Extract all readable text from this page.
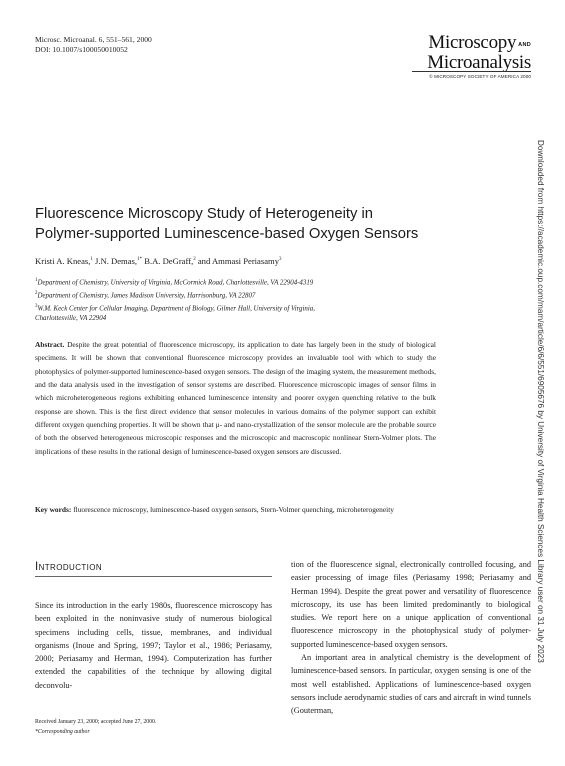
Microsc. Microanal. 6, 551–561, 2000
DOI: 10.1007/s100050010052	Microscopy AND
Microanalysis
© MICROSCOPY SOCIETY OF AMERICA 2000
Downloaded from https://academic.oup.com/mam/article/6/6/551/6905676 by University of Virginia Health Sciences Library user on 31 July 2023
Fluorescence Microscopy Study of Heterogeneity in
Polymer-supported Luminescence-based Oxygen Sensors
Kristi A. Kneas,$^1$ J.N. Demas,$^{1*}$ B.A. DeGraff,$^2$ and Ammasi Periasamy$^3$
$^1$Department of Chemistry, University of Virginia, McCormick Road, Charlottesville, VA 22904-4319
$^2$Department of Chemistry, James Madison University, Harrisonburg, VA 22807
$^3$W.M. Keck Center for Cellular Imaging, Department of Biology, Gilmer Hall, University of Virginia,
Charlottesville, VA 22904
Abstract. Despite the great potential of fluorescence microscopy, its application to date has largely been in the study of biological specimens. It will be shown that conventional fluorescence microscopy provides an invaluable tool with which to study the photophysics of polymer-supported luminescence-based oxygen sensors. The design of the imaging system, the measurement methods, and the data analysis used in the investigation of sensor systems are described. Fluorescence microscopic images of sensor films in which microheterogeneous regions exhibiting enhanced luminescence intensity and poorer oxygen quenching relative to the bulk response are shown. This is the first direct evidence that sensor molecules in various domains of the polymer support can exhibit different oxygen quenching properties. It will be shown that μ- and nano-crystallization of the sensor molecule are the probable source of both the observed heterogeneous microscopic responses and the microscopic and macroscopic nonlinear Stern-Volmer plots. The implications of these results in the rational design of luminescence-based oxygen sensors are discussed.
Key words: fluorescence microscopy, luminescence-based oxygen sensors, Stern-Volmer quenching, microheterogeneity
Introduction

Since its introduction in the early 1980s, fluorescence microscopy has been exploited in the noninvasive study of numerous biological specimens including cells, tissue, membranes, and individual organisms (Inoue and Spring, 1997; Taylor et al., 1986; Periasamy, 2000; Periasamy and Herman, 1994). Computerization has further extended the capabilities of the technique by allowing digital deconvolu-

tion of the fluorescence signal, electronically controlled focusing, and easier processing of image files (Periasamy 1998; Periasamy and Herman 1994). Despite the great power and versatility of fluorescence microscopy, its use has been limited predominantly to biological studies. We report here on a unique application of conventional fluorescence microscopy in the photophysical study of polymer-supported luminescence-based oxygen sensors.

An important area in analytical chemistry is the development of luminescence-based sensors. In particular, oxygen sensing is one of the most well established. Applications of luminescence-based oxygen sensors include aerodynamic studies of cars and aircraft in wind tunnels (Gouterman,

Received January 23, 2000; accepted June 27, 2000.
*Corresponding author
